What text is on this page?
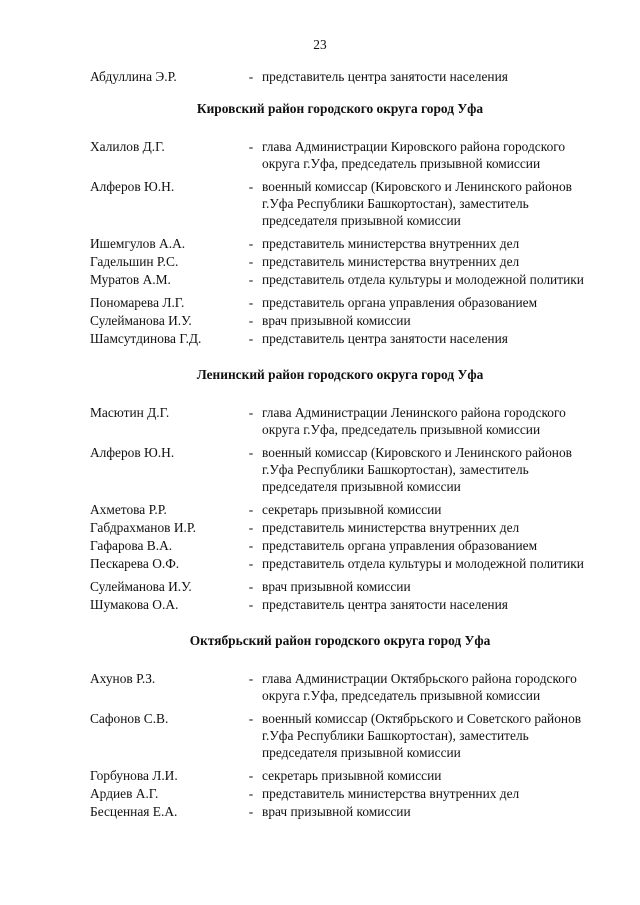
23
Абдуллина Э.Р.	- представитель центра занятости населения
Кировский район городского округа город Уфа
Халилов Д.Г.	- глава Администрации Кировского района городского округа г.Уфа, председатель призывной комиссии
Алферов Ю.Н.	- военный комиссар (Кировского и Ленинского районов г.Уфа Республики Башкортостан), заместитель председателя призывной комиссии
Ишемгулов А.А.	- представитель министерства внутренних дел
Гадельшин Р.С.	- представитель министерства внутренних дел
Муратов А.М.	- представитель отдела культуры и молодежной политики
Пономарева Л.Г.	- представитель органа управления образованием
Сулейманова И.У.	- врач призывной комиссии
Шамсутдинова Г.Д.	- представитель центра занятости населения
Ленинский район городского округа город Уфа
Масютин Д.Г.	- глава Администрации Ленинского района городского округа г.Уфа, председатель призывной комиссии
Алферов Ю.Н.	- военный комиссар (Кировского и Ленинского районов г.Уфа Республики Башкортостан), заместитель председателя призывной комиссии
Ахметова Р.Р.	- секретарь призывной комиссии
Габдрахманов И.Р.	- представитель министерства внутренних дел
Гафарова В.А.	- представитель органа управления образованием
Пескарева О.Ф.	- представитель отдела культуры и молодежной политики
Сулейманова И.У.	- врач призывной комиссии
Шумакова О.А.	- представитель центра занятости населения
Октябрьский район городского округа город Уфа
Ахунов Р.З.	- глава Администрации Октябрьского района городского округа г.Уфа, председатель призывной комиссии
Сафонов С.В.	- военный комиссар (Октябрьского и Советского районов г.Уфа Республики Башкортостан), заместитель председателя призывной комиссии
Горбунова Л.И.	- секретарь призывной комиссии
Ардиев А.Г.	- представитель министерства внутренних дел
Бесценная Е.А.	- врач призывной комиссии
